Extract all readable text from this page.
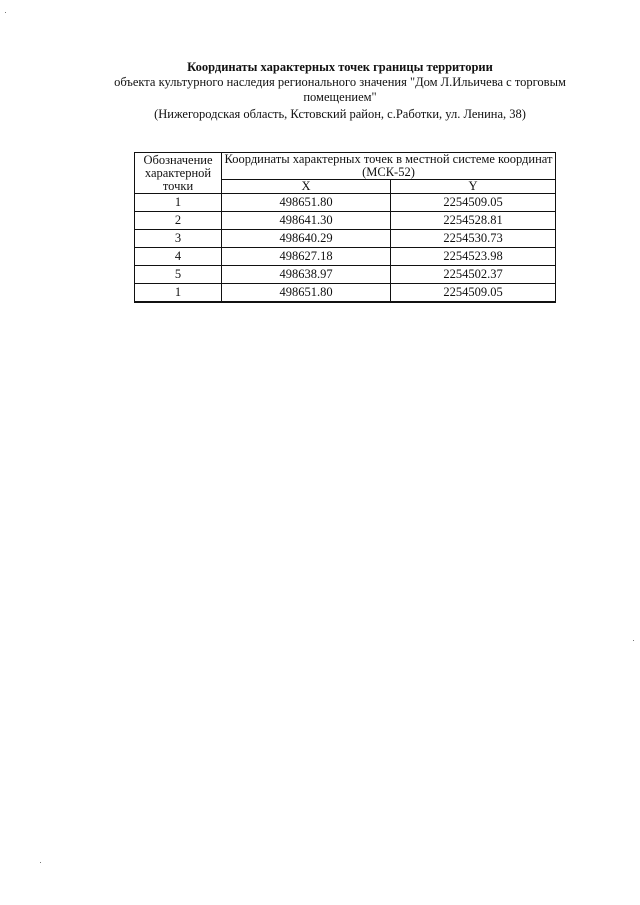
Координаты характерных точек границы территории
объекта культурного наследия регионального значения "Дом Л.Ильичева с торговым помещением"
(Нижегородская область, Кстовский район, с.Работки, ул. Ленина, 38)
Обозначение характерной точки	Координаты характерных точек в местной системе координат (МСК-52)	
	X	Y
1	498651.80	2254509.05
2	498641.30	2254528.81
3	498640.29	2254530.73
4	498627.18	2254523.98
5	498638.97	2254502.37
1	498651.80	2254509.05
